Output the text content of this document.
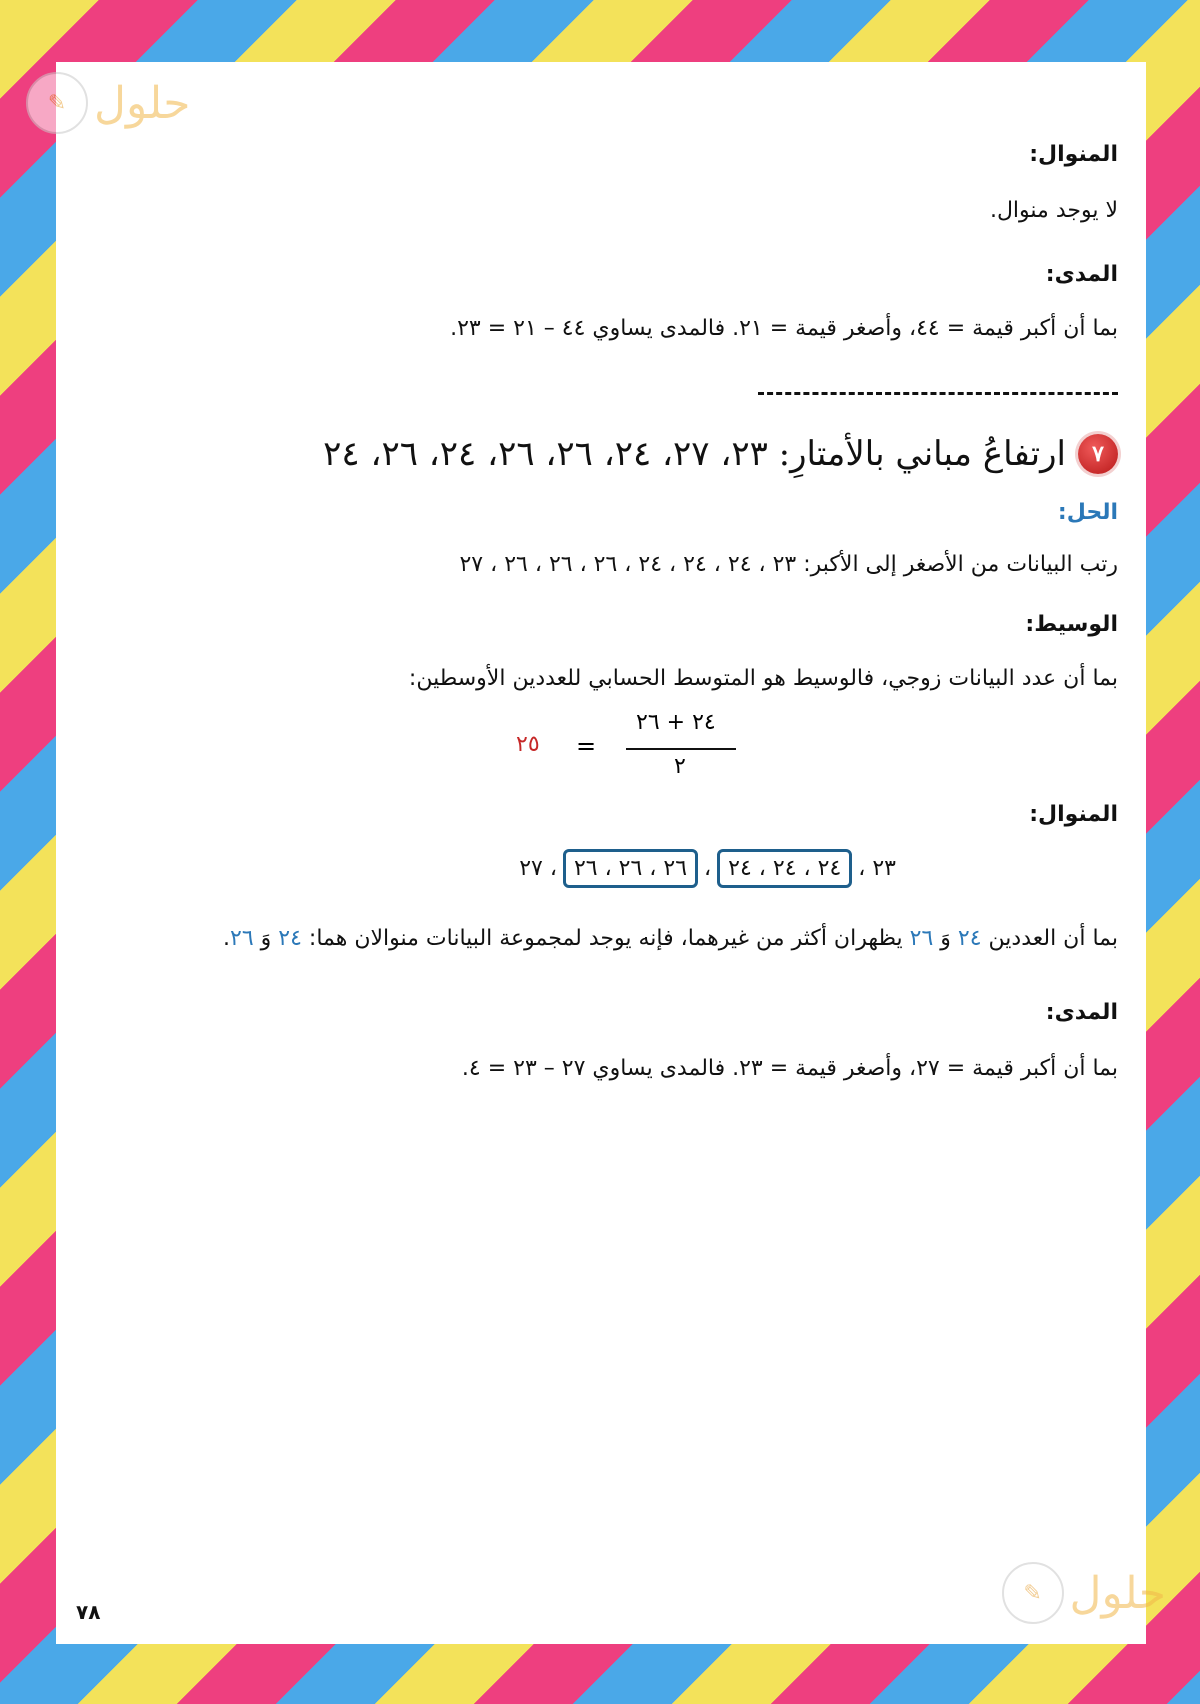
✎ حلول
المنوال:
لا يوجد منوال.
المدى:
بما أن أكبر قيمة = ٤٤، وأصغر قيمة = ٢١. فالمدى يساوي ٤٤ – ٢١ = ٢٣.
٧
ارتفاعُ مباني بالأمتارِ: ٢٣، ٢٧، ٢٤، ٢٦، ٢٦، ٢٤، ٢٦، ٢٤
الحل:
رتب البيانات من الأصغر إلى الأكبر: ٢٣ ، ٢٤ ، ٢٤ ، ٢٤ ، ٢٦ ، ٢٦ ، ٢٦ ، ٢٧
الوسيط:
بما أن عدد البيانات زوجي، فالوسيط هو المتوسط الحسابي للعددين الأوسطين:
٢٤ + ٢٦
٢
=
٢٥
المنوال:
٢٣ ،
٢٤ ، ٢٤ ، ٢٤
،
٢٦ ، ٢٦ ، ٢٦
، ٢٧
بما أن العددين ٢٤ وَ ٢٦ يظهران أكثر من غيرهما، فإنه يوجد لمجموعة البيانات منوالان هما: ٢٤ وَ ٢٦.
المدى:
بما أن أكبر قيمة = ٢٧، وأصغر قيمة = ٢٣. فالمدى يساوي ٢٧ – ٢٣ = ٤.
✎ حلول
٧٨
